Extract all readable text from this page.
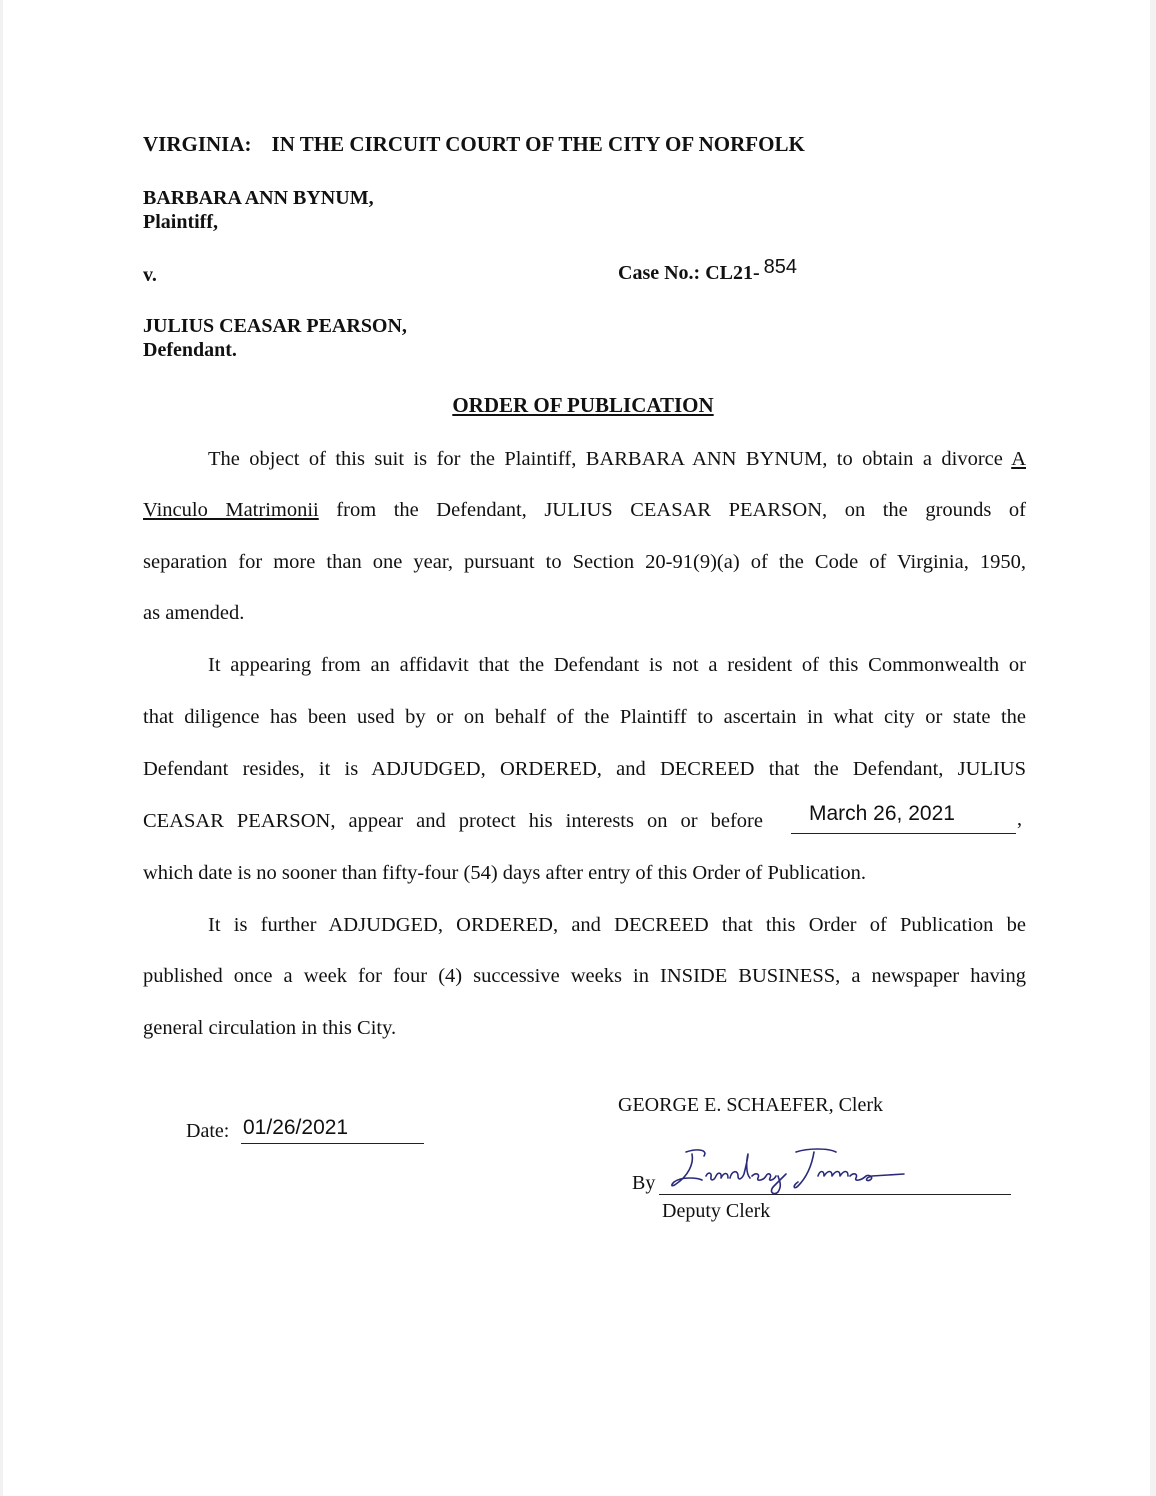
VIRGINIA: IN THE CIRCUIT COURT OF THE CITY OF NORFOLK
BARBARA ANN BYNUM,
Plaintiff,
v.	Case No.: CL21- 854
JULIUS CEASAR PEARSON,
Defendant.
ORDER OF PUBLICATION
The object of this suit is for the Plaintiff, BARBARA ANN BYNUM, to obtain a divorce A
Vinculo Matrimonii from the Defendant, JULIUS CEASAR PEARSON, on the grounds of
separation for more than one year, pursuant to Section 20-91(9)(a) of the Code of Virginia, 1950,
as amended.
It appearing from an affidavit that the Defendant is not a resident of this Commonwealth or
that diligence has been used by or on behalf of the Plaintiff to ascertain in what city or state the
Defendant resides, it is ADJUDGED, ORDERED, and DECREED that the Defendant, JULIUS
CEASAR PEARSON, appear and protect his interests on or before March 26, 2021	,
which date is no sooner than fifty-four (54) days after entry of this Order of Publication.
It is further ADJUDGED, ORDERED, and DECREED that this Order of Publication be
published once a week for four (4) successive weeks in INSIDE BUSINESS, a newspaper having
general circulation in this City.
GEORGE E. SCHAEFER, Clerk
Date: 01/26/2021
By
Deputy Clerk
